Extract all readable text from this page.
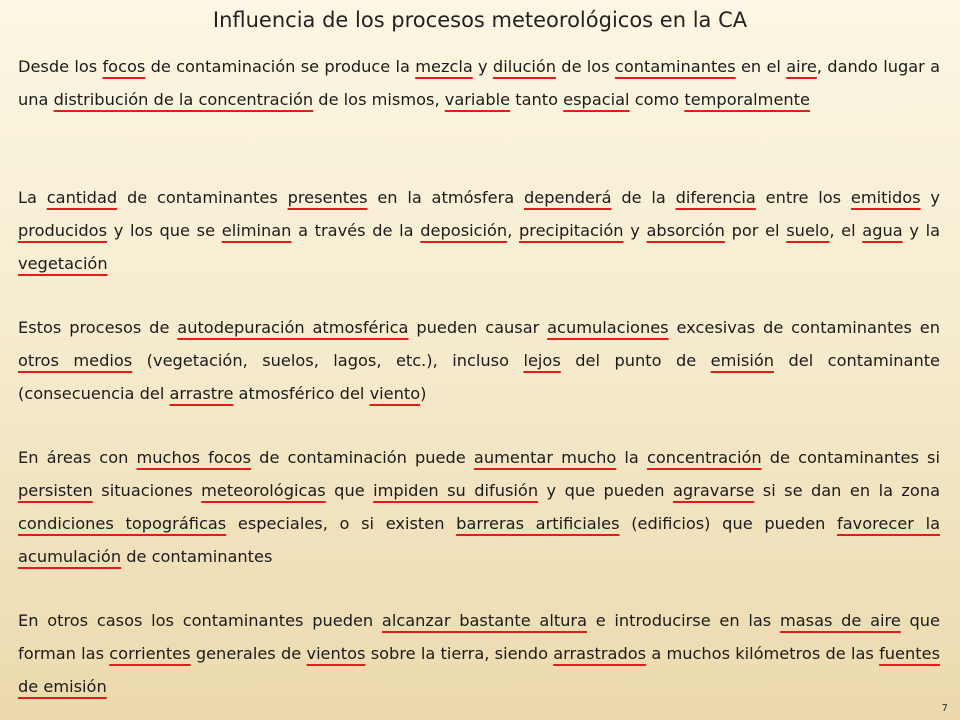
Influencia de los procesos meteorológicos en la CA

Desde los focos de contaminación se produce la mezcla y dilución de los contaminantes en el aire, dando lugar a una distribución de la concentración de los mismos, variable tanto espacial como temporalmente

La cantidad de contaminantes presentes en la atmósfera dependerá de la diferencia entre los emitidos y producidos y los que se eliminan a través de la deposición, precipitación y absorción por el suelo, el agua y la vegetación

Estos procesos de autodepuración atmosférica pueden causar acumulaciones excesivas de contaminantes en otros medios (vegetación, suelos, lagos, etc.), incluso lejos del punto de emisión del contaminante (consecuencia del arrastre atmosférico del viento)

En áreas con muchos focos de contaminación puede aumentar mucho la concentración de contaminantes si persisten situaciones meteorológicas que impiden su difusión y que pueden agravarse si se dan en la zona condiciones topográficas especiales, o si existen barreras artificiales (edificios) que pueden favorecer la acumulación de contaminantes

En otros casos los contaminantes pueden alcanzar bastante altura e introducirse en las masas de aire que forman las corrientes generales de vientos sobre la tierra, siendo arrastrados a muchos kilómetros de las fuentes de emisión

7
